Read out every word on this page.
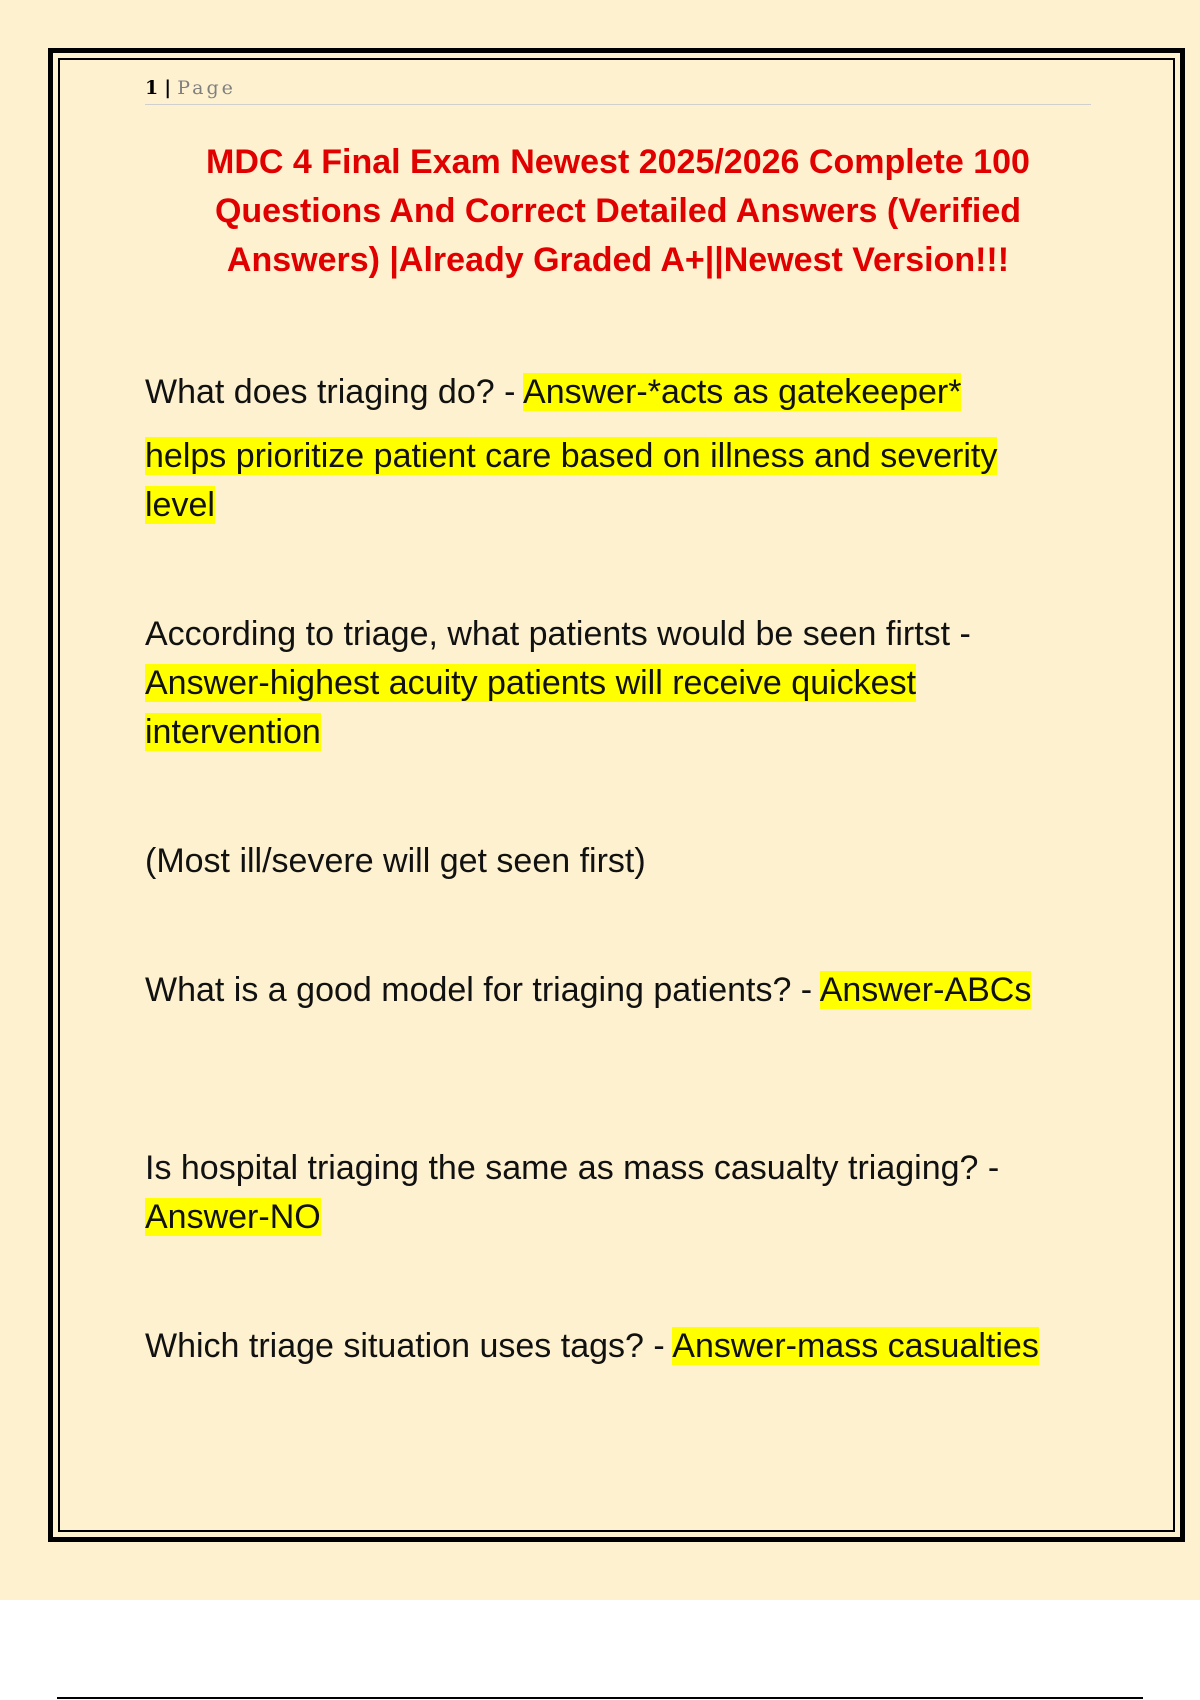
1 | Page
MDC 4 Final Exam Newest 2025/2026 Complete 100 Questions And Correct Detailed Answers (Verified Answers) |Already Graded A+||Newest Version!!!

What does triaging do? - Answer-*acts as gatekeeper*
helps prioritize patient care based on illness and severity level

According to triage, what patients would be seen firtst - Answer-highest acuity patients will receive quickest intervention

(Most ill/severe will get seen first)

What is a good model for triaging patients? - Answer-ABCs

Is hospital triaging the same as mass casualty triaging? - Answer-NO

Which triage situation uses tags? - Answer-mass casualties
